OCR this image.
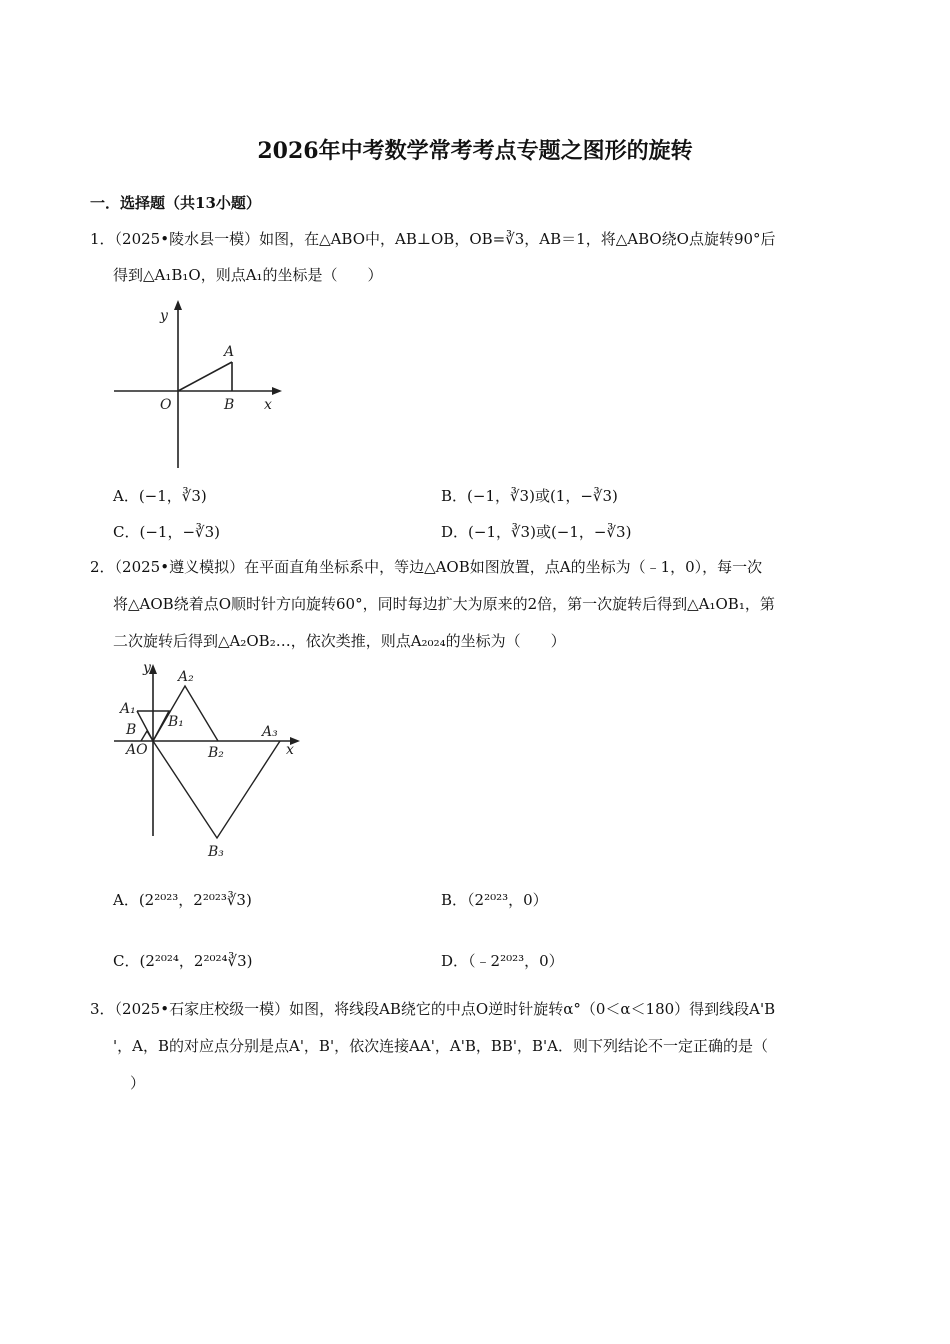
2026年中考数学常考考点专题之图形的旋转
一．选择题（共13小题）
1．（2025•陵水县一模）如图，在△ABO中，AB⊥OB，OB=∛3，AB＝1，将△ABO绕O点旋转90°后
得到△A₁B₁O，则点A₁的坐标是（　　）
y
A
O	B x
A．(−1，∛3)	B．(−1，∛3)或(1，−∛3)
C．(−1，−∛3)	D．(−1，∛3)或(−1，−∛3)
2．（2025•遵义模拟）在平面直角坐标系中，等边△AOB如图放置，点A的坐标为（﹣1，0），每一次
将△AOB绕着点O顺时针方向旋转60°，同时每边扩大为原来的2倍，第一次旋转后得到△A₁OB₁，第
二次旋转后得到△A₂OB₂…，依次类推，则点A₂₀₂₄的坐标为（　　）
y
A₂
A₁
B₁
B
AO	B₂
A₃
x
B₃
A．(2²⁰²³，2²⁰²³∛3)	B．（2²⁰²³，0）
C．(2²⁰²⁴，2²⁰²⁴∛3)	D．（﹣2²⁰²³，0）
3．（2025•石家庄校级一模）如图，将线段AB绕它的中点O逆时针旋转α°（0＜α＜180）得到线段A'B
'，A，B的对应点分别是点A'，B'，依次连接AA'，A'B，BB'，B'A．则下列结论不一定正确的是（
）
